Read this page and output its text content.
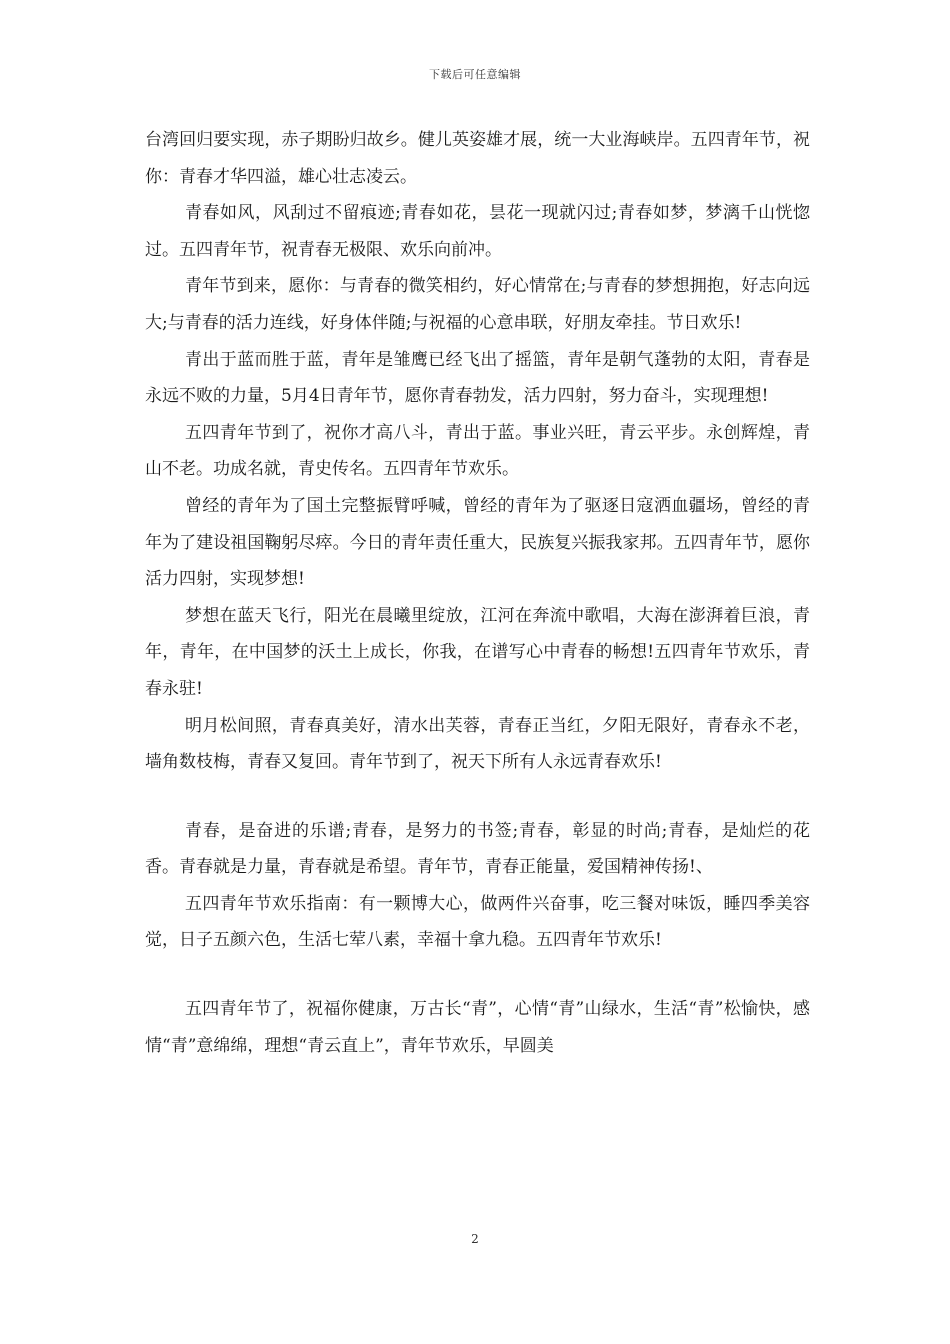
下载后可任意编辑

台湾回归要实现，赤子期盼归故乡。健儿英姿雄才展，统一大业海峡岸。五四青年节，祝你：青春才华四溢，雄心壮志凌云。

青春如风，风刮过不留痕迹;青春如花，昙花一现就闪过;青春如梦，梦漓千山恍惚过。五四青年节，祝青春无极限、欢乐向前冲。

青年节到来，愿你：与青春的微笑相约，好心情常在;与青春的梦想拥抱，好志向远大;与青春的活力连线，好身体伴随;与祝福的心意串联，好朋友牵挂。节日欢乐!

青出于蓝而胜于蓝，青年是雏鹰已经飞出了摇篮，青年是朝气蓬勃的太阳，青春是永远不败的力量，5月4日青年节，愿你青春勃发，活力四射，努力奋斗，实现理想!

五四青年节到了，祝你才高八斗，青出于蓝。事业兴旺，青云平步。永创辉煌，青山不老。功成名就，青史传名。五四青年节欢乐。

曾经的青年为了国土完整振臂呼喊，曾经的青年为了驱逐日寇洒血疆场，曾经的青年为了建设祖国鞠躬尽瘁。今日的青年责任重大，民族复兴振我家邦。五四青年节，愿你活力四射，实现梦想!

梦想在蓝天飞行，阳光在晨曦里绽放，江河在奔流中歌唱，大海在澎湃着巨浪，青年，青年，在中国梦的沃土上成长，你我，在谱写心中青春的畅想!五四青年节欢乐，青春永驻!

明月松间照，青春真美好，清水出芙蓉，青春正当红，夕阳无限好，青春永不老，墙角数枝梅，青春又复回。青年节到了，祝天下所有人永远青春欢乐!

青春，是奋进的乐谱;青春，是努力的书签;青春，彰显的时尚;青春，是灿烂的花香。青春就是力量，青春就是希望。青年节，青春正能量，爱国精神传扬!、

五四青年节欢乐指南：有一颗博大心，做两件兴奋事，吃三餐对味饭，睡四季美容觉，日子五颜六色，生活七荤八素，幸福十拿九稳。五四青年节欢乐!

五四青年节了，祝福你健康，万古长“青”，心情“青”山绿水，生活“青”松愉快，感情“青”意绵绵，理想“青云直上”，青年节欢乐，早圆美

2
